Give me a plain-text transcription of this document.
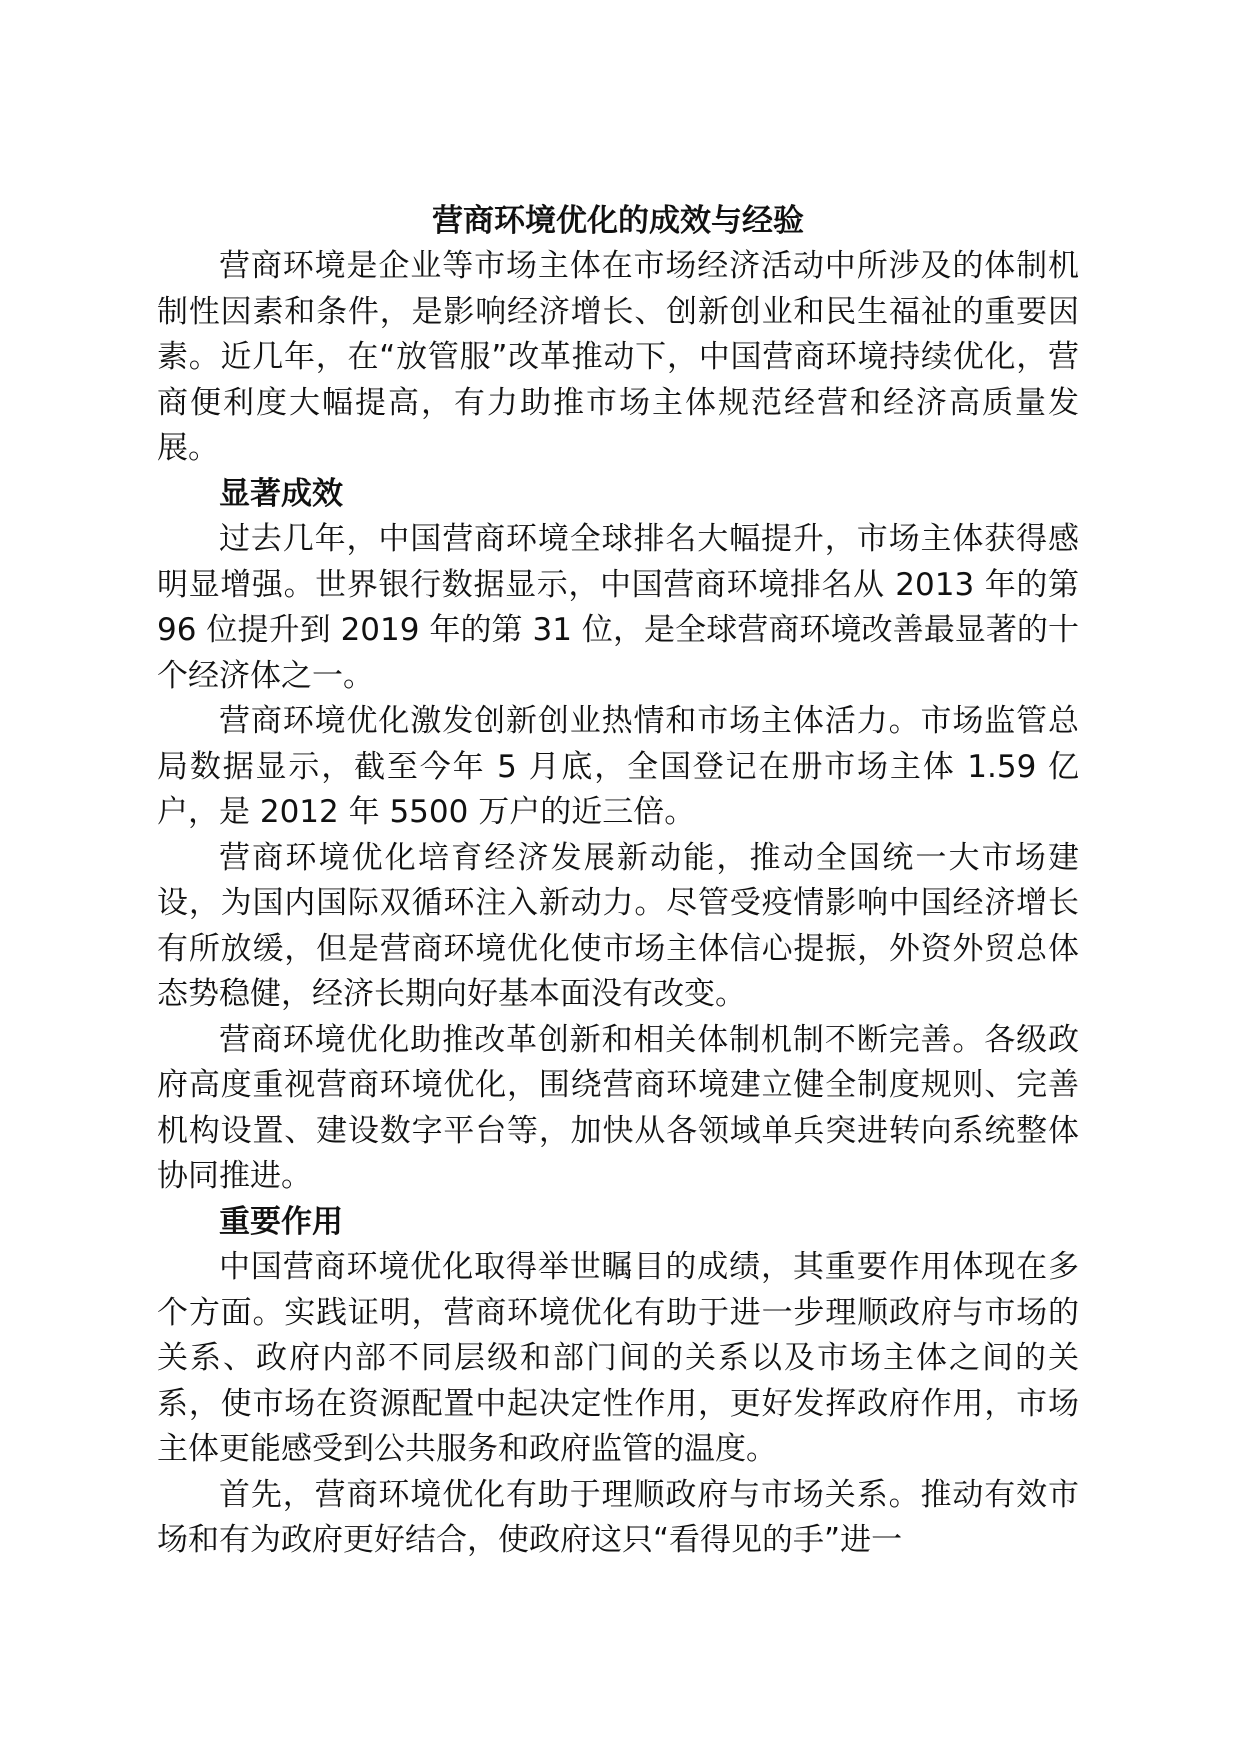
营商环境优化的成效与经验

营商环境是企业等市场主体在市场经济活动中所涉及的体制机制性因素和条件，是影响经济增长、创新创业和民生福祉的重要因素。近几年，在“放管服”改革推动下，中国营商环境持续优化，营商便利度大幅提高，有力助推市场主体规范经营和经济高质量发展。

显著成效

过去几年，中国营商环境全球排名大幅提升，市场主体获得感明显增强。世界银行数据显示，中国营商环境排名从 2013 年的第 96 位提升到 2019 年的第 31 位，是全球营商环境改善最显著的十个经济体之一。

营商环境优化激发创新创业热情和市场主体活力。市场监管总局数据显示，截至今年 5 月底，全国登记在册市场主体 1.59 亿户，是 2012 年 5500 万户的近三倍。

营商环境优化培育经济发展新动能，推动全国统一大市场建设，为国内国际双循环注入新动力。尽管受疫情影响中国经济增长有所放缓，但是营商环境优化使市场主体信心提振，外资外贸总体态势稳健，经济长期向好基本面没有改变。

营商环境优化助推改革创新和相关体制机制不断完善。各级政府高度重视营商环境优化，围绕营商环境建立健全制度规则、完善机构设置、建设数字平台等，加快从各领域单兵突进转向系统整体协同推进。

重要作用

中国营商环境优化取得举世瞩目的成绩，其重要作用体现在多个方面。实践证明，营商环境优化有助于进一步理顺政府与市场的关系、政府内部不同层级和部门间的关系以及市场主体之间的关系，使市场在资源配置中起决定性作用，更好发挥政府作用，市场主体更能感受到公共服务和政府监管的温度。

首先，营商环境优化有助于理顺政府与市场关系。推动有效市场和有为政府更好结合，使政府这只“看得见的手”进一
